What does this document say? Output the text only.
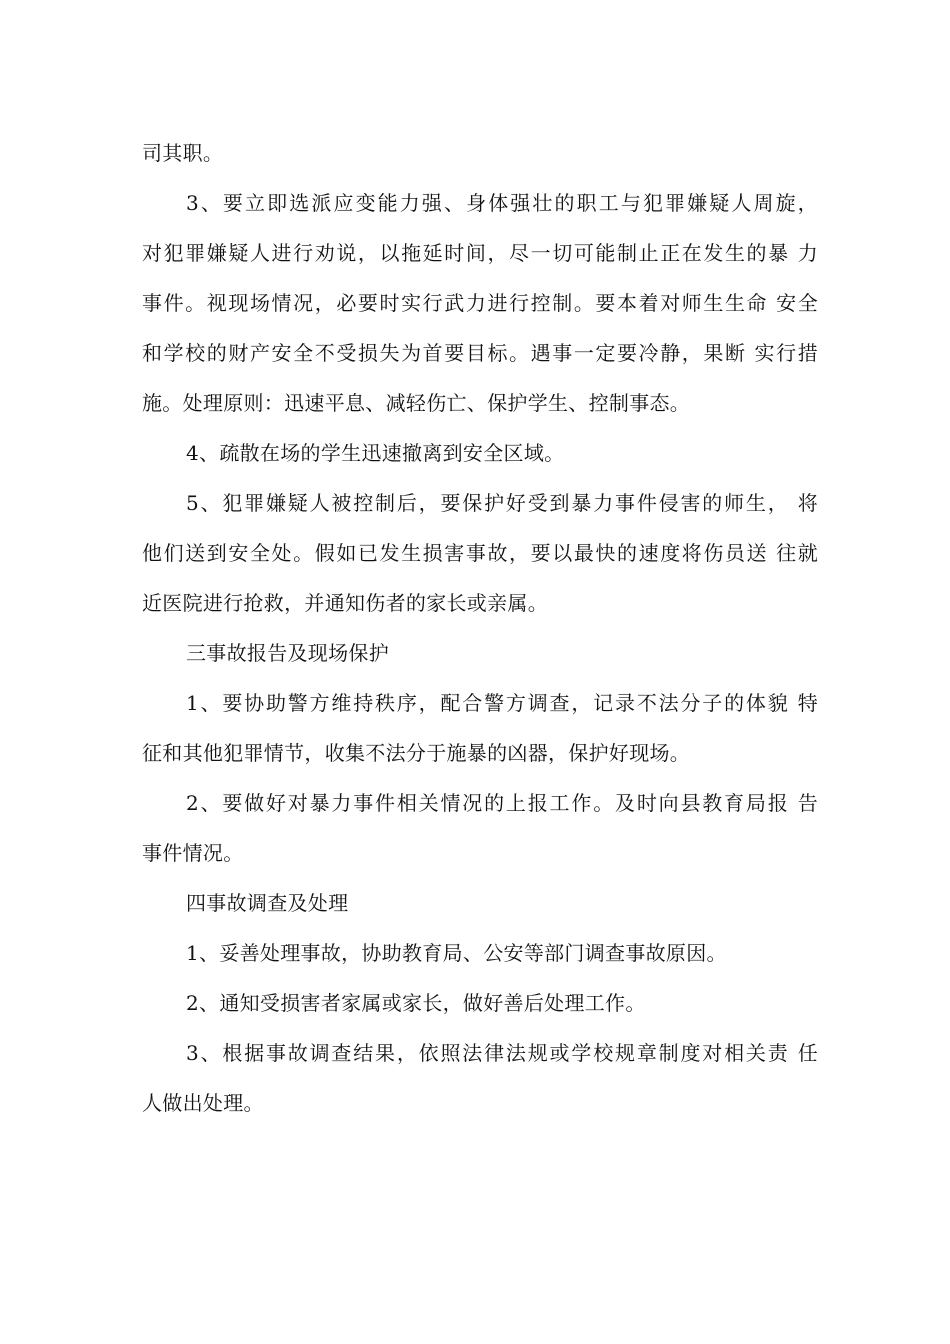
司其职。
3、要立即选派应变能力强、身体强壮的职工与犯罪嫌疑人周旋，
对犯罪嫌疑人进行劝说，以拖延时间，尽一切可能制止正在发生的暴 力
事件。视现场情况，必要时实行武力进行控制。要本着对师生生命 安全
和学校的财产安全不受损失为首要目标。遇事一定要冷静，果断 实行措
施。处理原则：迅速平息、减轻伤亡、保护学生、控制事态。
4、疏散在场的学生迅速撤离到安全区域。
5、犯罪嫌疑人被控制后，要保护好受到暴力事件侵害的师生， 将
他们送到安全处。假如已发生损害事故，要以最快的速度将伤员送 往就
近医院进行抢救，并通知伤者的家长或亲属。
三事故报告及现场保护
1、要协助警方维持秩序，配合警方调查，记录不法分子的体貌 特
征和其他犯罪情节，收集不法分于施暴的凶器，保护好现场。
2、要做好对暴力事件相关情况的上报工作。及时向县教育局报 告
事件情况。
四事故调查及处理
1、妥善处理事故，协助教育局、公安等部门调查事故原因。
2、通知受损害者家属或家长，做好善后处理工作。
3、根据事故调查结果，依照法律法规或学校规章制度对相关责 任
人做出处理。
